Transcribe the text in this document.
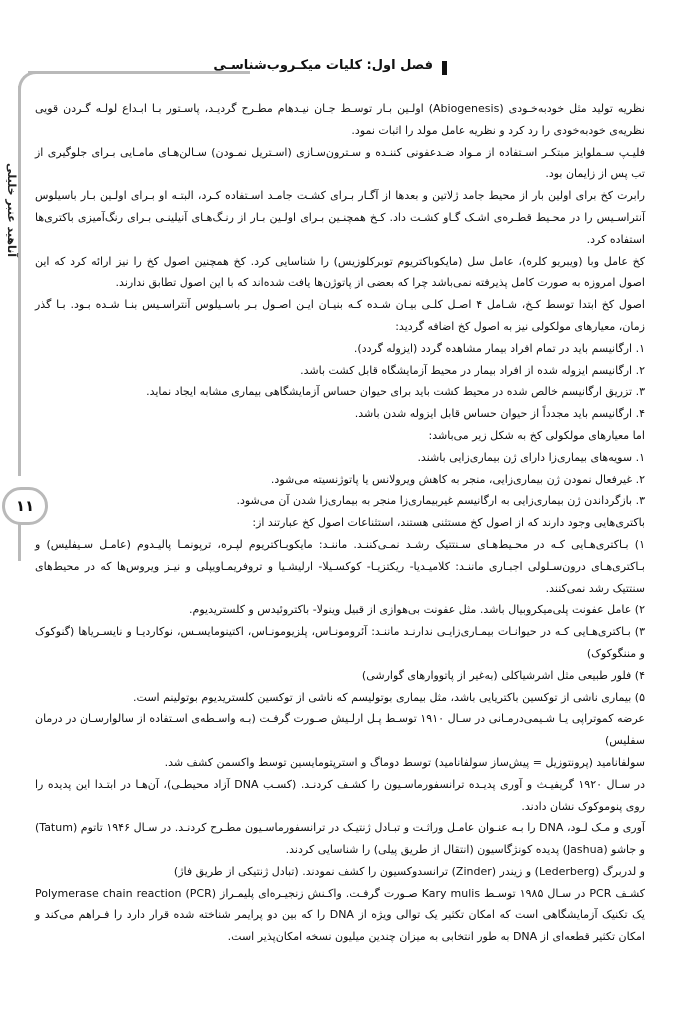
فصل اول: کلیات میکـروب‌شناسـی
آناهید عنبر خلیلی
۱۱

نظریه تولید مثل خودبه‌خـودی (Abiogenesis) اولـین بـار توسـط جـان نیـدهام مطـرح گردیـد، پاسـتور بـا ابـداع لولـه گـردن قویی نظریه‌ی خودبه‌خودی را رد کرد و نظریه عامل مولد را اثبات نمود.

فلیـپ سـملوایز مبتکـر اسـتفاده از مـواد ضـدعفونی کننـده و سـترون‌سـازی (اسـتریل نمـودن) سـالن‌هـای مامـایی بـرای جلوگیری از تب پس از زایمان بود.

رابرت کخ برای اولین بار از محیط جامد ژلاتین و بعدها از آگـار بـرای کشـت جامـد اسـتفاده کـرد، البتـه او بـرای اولـین بـار باسیلوس آنتراسـیس را در محـیط قطـره‌ی اشـک گـاو کشـت داد. کـخ همچنـین بـرای اولـین بـار از رنـگ‌هـای آنیلینـی بـرای رنگ‌آمیزی باکتری‌ها استفاده کرد.

کخ عامل وبا (ویبریو کلره)، عامل سل (مایکوباکتریوم توبرکلوزیس) را شناسایی کرد. کخ همچنین اصول کخ را نیز ارائه کرد که این اصول امروزه به صورت کامل پذیرفته نمی‌باشد چرا که بعضی از پاتوژن‌ها یافت شده‌اند که با این اصول تطابق ندارند.

اصول کخ ابتدا توسط کـخ، شـامل ۴ اصـل کلـی بیـان شـده کـه بنیـان ایـن اصـول بـر باسـیلوس آنتراسـیس بنـا شـده بـود. بـا گذر زمان، معیارهای مولکولی نیز به اصول کخ اضافه گردید:

۱. ارگانیسم باید در تمام افراد بیمار مشاهده گردد (ایزوله گردد).

۲. ارگانیسم ایزوله شده از افراد بیمار در محیط آزمایشگاه قابل کشت باشد.

۳. تزریق ارگانیسم خالص شده در محیط کشت باید برای حیوان حساس آزمایشگاهی بیماری مشابه ایجاد نماید.

۴. ارگانیسم باید مجدداً از حیوان حساس قابل ایزوله شدن باشد.

اما معیارهای مولکولی کخ به شکل زیر می‌باشد:

۱. سویه‌های بیماری‌زا دارای ژن بیماری‌زایی باشند.

۲. غیرفعال نمودن ژن بیماری‌زایی، منجر به کاهش ویرولانس یا پاتوژنسیته می‌شود.

۳. بازگرداندن ژن بیماری‌زایی به ارگانیسم غیربیماری‌زا منجر به بیماری‌زا شدن آن می‌شود.

باکتری‌هایی وجود دارند که از اصول کخ مستثنی هستند، استثناعات اصول کخ عبارتند از:

۱) بـاکتری‌هـایی کـه در محـیط‌هـای سـنتتیک رشـد نمـی‌کننـد. ماننـد: مایکوبـاکتریوم لپـره، ترپونمـا پالیـدوم (عامـل سـیفلیس) و بـاکتری‌هـای درون‌سـلولی اجبـاری ماننـد: کلامیـدیا- ریکتزیـا- کوکسـیلا- ارلیشـیا و تروفریمـاویپلی و نیـز ویروس‌ها که در محیط‌های سنتتیک رشد نمی‌کنند.

۲) عامل عفونت پلی‌میکروبیال باشد. مثل عفونت بی‌هوازی از قبیل وینولا- باکتروئیدس و کلستریدیوم.

۳) بـاکتری‌هـایی کـه در حیوانـات بیمـاری‌زایـی ندارنـد ماننـد: آئرومونـاس، پلزیومونـاس، اکتینومایسـس، نوکاردیـا و نایسـریاها (گنوکوک و مننگوکوک)

۴) فلور طبیعی مثل اشرشیاکلی (به‌غیر از پاتووارهای گوارشی)

۵) بیماری ناشی از توکسین باکتریایی باشد، مثل بیماری بوتولیسم که ناشی از توکسین کلستریدیوم بوتولینم است.

عرضه کموتراپی یـا شـیمی‌درمـانی در سـال ۱۹۱۰ توسـط پـل ارلـیش صـورت گرفـت (بـه واسـطه‌ی اسـتفاده از سالوارسـان در درمان سفلیس)

سولفانامید (پرونتوزیل = پیش‌ساز سولفانامید) توسط دوماگ و استرپتومایسین توسط واکسمن کشف شد.

در سـال ۱۹۲۰ گریفیـث و آوری پدیـده ترانسفورماسـیون را کشـف کردنـد. (کسـب DNA آزاد محیطـی)، آن‌هـا در ابتـدا این پدیده را روی پنوموکوک نشان دادند.

آوری و مـک لـود، DNA را بـه عنـوان عامـل وراثـت و تبـادل ژنتیـک در ترانسفورماسـیون مطـرح کردنـد. در سـال ۱۹۴۶ تاتوم (Tatum) و جاشو (Jashua) پدیده کونژگاسیون (انتقال از طریق پیلی) را شناسایی کردند.

و لدربرگ (Lederberg) و زیندر (Zinder) ترانسدوکسیون را کشف نمودند. (تبادل ژنتیکی از طریق فاژ)

کشـف PCR در سـال ۱۹۸۵ توسـط Kary mulis صـورت گرفـت. واکـنش زنجیـره‌ای پلیمـراز Polymerase chain reaction (PCR) یک تکنیک آزمایشگاهی است که امکان تکثیر یک توالی ویژه از DNA را که بین دو پرایمر شناخته شده قرار دارد را فـراهم می‌کند و امکان تکثیر قطعه‌ای از DNA به طور انتخابی به میزان چندین میلیون نسخه امکان‌پذیر است.
